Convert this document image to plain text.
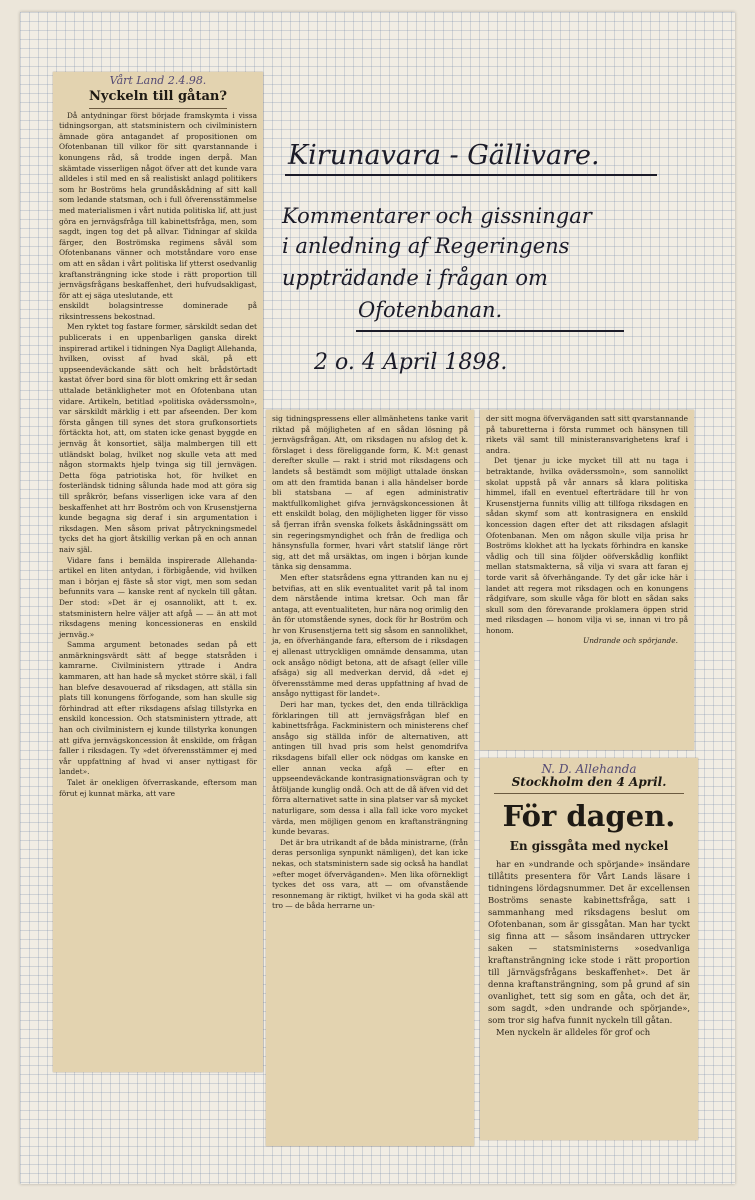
Vårt Land 2.4.98.
Nyckeln till gåtan?

Då antydningar först började framskymta i vissa tidningsorgan, att statsministern och civilministern ämnade göra antagandet af propositionen om Ofotenbanan till vilkor för sitt qvarstannande i konungens råd, så trodde ingen derpå. Man skämtade visserligen något öfver att det kunde vara alldeles i stil med en så realistiskt anlagd politikers som hr Boströms hela grundåskådning af sitt kall som ledande statsman, och i full öfverensstämmelse med materialismen i vårt nutida politiska lif, att just göra en jernvägsfråga till kabinettsfråga, men, som sagdt, ingen tog det på allvar. Tidningar af skilda färger, den Boströmska regimens såväl som Ofotenbanans vänner och motståndare voro ense om att en sådan i vårt politiska lif ytterst osedvanlig kraftansträngning icke stode i rätt proportion till jernvägsfrågans beskaffenhet, deri hufvudsakligast, för att ej säga uteslutande, ett

enskildt bolagsintresse dominerade på riksintressens bekostnad.

Men ryktet tog fastare former, särskildt sedan det publicerats i en uppenbarligen ganska direkt inspirerad artikel i tidningen Nya Dagligt Allehanda, hvilken, ovisst af hvad skäl, på ett uppseendeväckande sätt och helt brådstörtadt kastat öfver bord sina för blott omkring ett år sedan uttalade betänkligheter mot en Ofotenbana utan vidare. Artikeln, betitlad »politiska oväderssmoln», var särskildt märklig i ett par afseenden. Der kom första gången till synes det stora grufkonsortiets förtäckta hot, att, om staten icke genast byggde en jernväg åt konsortiet, sälja malmbergen till ett utländskt bolag, hvilket nog skulle veta att med någon stormakts hjelp tvinga sig till jernvägen. Detta föga patriotiska hot, för hvilket en fosterländsk tidning sålunda hade mod att göra sig till språkrör, befans visserligen icke vara af den beskaffenhet att hrr Boström och von Krusenstjerna kunde begagna sig deraf i sin argumentation i riksdagen. Men såsom privat påtryckningsmedel tycks det ha gjort åtskillig verkan på en och annan naiv själ.

Vidare fans i bemälda inspirerade Allehanda-artikel en liten antydan, i förbigående, vid hvilken man i början ej fäste så stor vigt, men som sedan befunnits vara — kanske rent af nyckeln till gåtan. Der stod: »Det är ej osannolikt, att t. ex. statsministern helre väljer att afgå — — än att mot riksdagens mening koncessioneras en enskild jernväg.»

Samma argument betonades sedan på ett anmärkningsvärdt sätt af begge statsråden i kamrarne. Civilministern yttrade i Andra kammaren, att han hade så mycket större skäl, i fall han blefve desavouerad af riksdagen, att ställa sin plats till konungens förfogande, som han skulle sig förhindrad att efter riksdagens afslag tillstyrka en enskild koncession. Och statsministern yttrade, att han och civilministern ej kunde tillstyrka konungen att gifva jernvägskoncession åt enskilde, om frågan faller i riksdagen. Ty »det öfverensstämmer ej med vår uppfattning af hvad vi anser nyttigast för landet».

Talet är onekligen öfverraskande, eftersom man förut ej kunnat märka, att vare

Kirunavara - Gällivare.
Kommentarer och gissningar
i anledning af Regeringens
uppträdande i frågan om
Ofotenbanan.
2 o. 4 April 1898.

sig tidningspressens eller allmänhetens tanke varit riktad på möjligheten af en sådan lösning på jernvägsfrågan. Att, om riksdagen nu afslog det k. förslaget i dess föreliggande form, K. M:t genast derefter skulle — rakt i strid mot riksdagens och landets så bestämdt som möjligt uttalade önskan om att den framtida banan i alla händelser borde bli statsbana — af egen administrativ maktfullkomlighet gifva jernvägskoncessionen åt ett enskildt bolag, den möjligheten ligger för visso så fjerran ifrån svenska folkets åskådningssätt om sin regeringsmyndighet och från de fredliga och hänsynsfulla former, hvari vårt statslif länge rört sig, att det må ursäktas, om ingen i början kunde tänka sig densamma.

Men efter statsrådens egna yttranden kan nu ej betvifias, att en slik eventualitet varit på tal inom dem närstående intima kretsar. Och man får antaga, att eventualiteten, hur nära nog orimlig den än för utomstående synes, dock för hr Boström och hr von Krusenstjerna tett sig såsom en sannolikhet, ja, en öfverhängande fara, eftersom de i riksdagen ej allenast uttryckligen omnämde densamma, utan ock ansågo nödigt betona, att de afsagt (eller ville afsäga) sig all medverkan dervid, då »det ej öfverensstämme med deras uppfattning af hvad de ansågo nyttigast för landet».

Deri har man, tyckes det, den enda tillräckliga förklaringen till att jernvägsfrågan blef en kabinettsfråga. Fackministern och ministerens chef ansågo sig ställda inför de alternativen, att antingen till hvad pris som helst genomdrifva riksdagens bifall eller ock nödgas om kanske en eller annan vecka afgå — efter en uppseendeväckande kontrasignationsvägran och ty åtföljande kunglig ondå. Och att de då äfven vid det förra alternativet satte in sina platser var så mycket naturligare, som dessa i alla fall icke voro mycket värda, men möjligen genom en kraftansträngning kunde bevaras.

Det är bra utrikandt af de båda ministrarne, (från deras personliga synpunkt nämligen), det kan icke nekas, och statsministern sade sig också ha handlat »efter moget öfverväganden». Men lika oförnekligt tyckes det oss vara, att — om ofvanstående resonnemang är riktigt, hvilket vi ha goda skäl att tro — de båda herrarne un-

der sitt mogna öfverväganden satt sitt qvarstannande på taburetterna i första rummet och hänsynen till rikets väl samt till ministeransvarighetens kraf i andra.

Det tjenar ju icke mycket till att nu taga i betraktande, hvilka oväderssmoln», som sannolikt skolat uppstå på vår annars så klara politiska himmel, ifall en eventuel efterträdare till hr von Krusenstjerna funnits villig att tillfoga riksdagen en sådan skymf som att kontrasignera en enskild koncession dagen efter det att riksdagen afslagit Ofotenbanan. Men om någon skulle vilja prisa hr Boströms klokhet att ha lyckats förhindra en kanske vådlig och till sina följder oöfverskådlig konflikt mellan statsmakterna, så vilja vi svara att faran ej torde varit så öfverhängande. Ty det går icke här i landet att regera mot riksdagen och en konungens rådgifvare, som skulle våga för blott en sådan saks skull som den förevarande proklamera öppen strid med riksdagen — honom vilja vi se, innan vi tro på honom.

Undrande och spörjande.
N. D. Allehanda
Stockholm den 4 April.
För dagen.
En gissgåta med nyckel

har en »undrande och spörjande» insändare tillåtits presentera för Vårt Lands läsare i tidningens lördagsnummer. Det är excellensen Boströms senaste kabinettsfråga, satt i sammanhang med riksdagens beslut om Ofotenbanan, som är gissgåtan. Man har tyckt sig finna att — såsom insändaren uttrycker saken — statsministerns »osedvanliga kraftansträngning icke stode i rätt proportion till järnvägsfrågans beskaffenhet». Det är denna kraftansträngning, som på grund af sin ovanlighet, tett sig som en gåta, och det är, som sagdt, »den undrande och spörjande», som tror sig hafva funnit nyckeln till gåtan.

Men nyckeln är alldeles för grof och
